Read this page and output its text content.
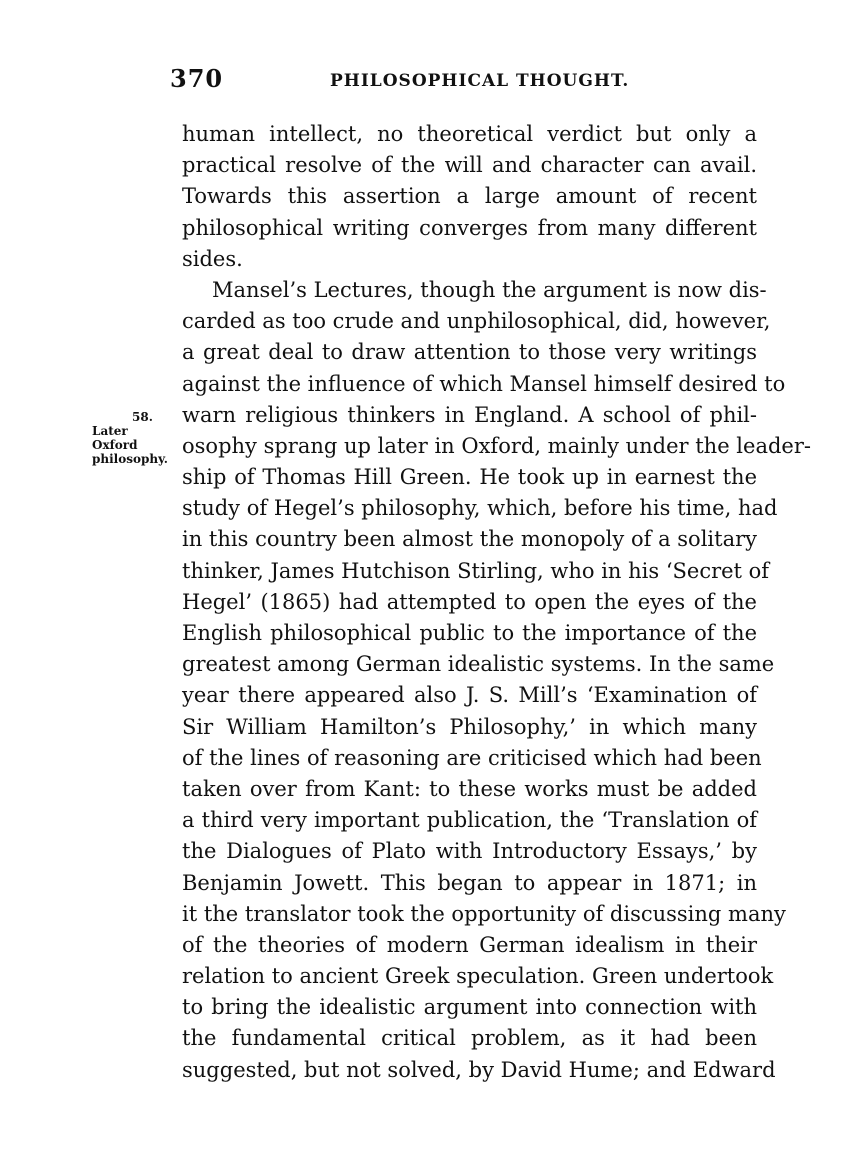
370	PHILOSOPHICAL THOUGHT.
58.
Later
Oxford
philosophy.
human intellect, no theoretical verdict but only a
practical resolve of the will and character can avail.
Towards this assertion a large amount of recent
philosophical writing converges from many different
sides.
Mansel’s Lectures, though the argument is now dis-
carded as too crude and unphilosophical, did, however,
a great deal to draw attention to those very writings
against the influence of which Mansel himself desired to
warn religious thinkers in England. A school of phil-
osophy sprang up later in Oxford, mainly under the leader-
ship of Thomas Hill Green. He took up in earnest the
study of Hegel’s philosophy, which, before his time, had
in this country been almost the monopoly of a solitary
thinker, James Hutchison Stirling, who in his ‘Secret of
Hegel’ (1865) had attempted to open the eyes of the
English philosophical public to the importance of the
greatest among German idealistic systems. In the same
year there appeared also J. S. Mill’s ‘Examination of
Sir William Hamilton’s Philosophy,’ in which many
of the lines of reasoning are criticised which had been
taken over from Kant: to these works must be added
a third very important publication, the ‘Translation of
the Dialogues of Plato with Introductory Essays,’ by
Benjamin Jowett. This began to appear in 1871; in
it the translator took the opportunity of discussing many
of the theories of modern German idealism in their
relation to ancient Greek speculation. Green undertook
to bring the idealistic argument into connection with
the fundamental critical problem, as it had been
suggested, but not solved, by David Hume; and Edward
